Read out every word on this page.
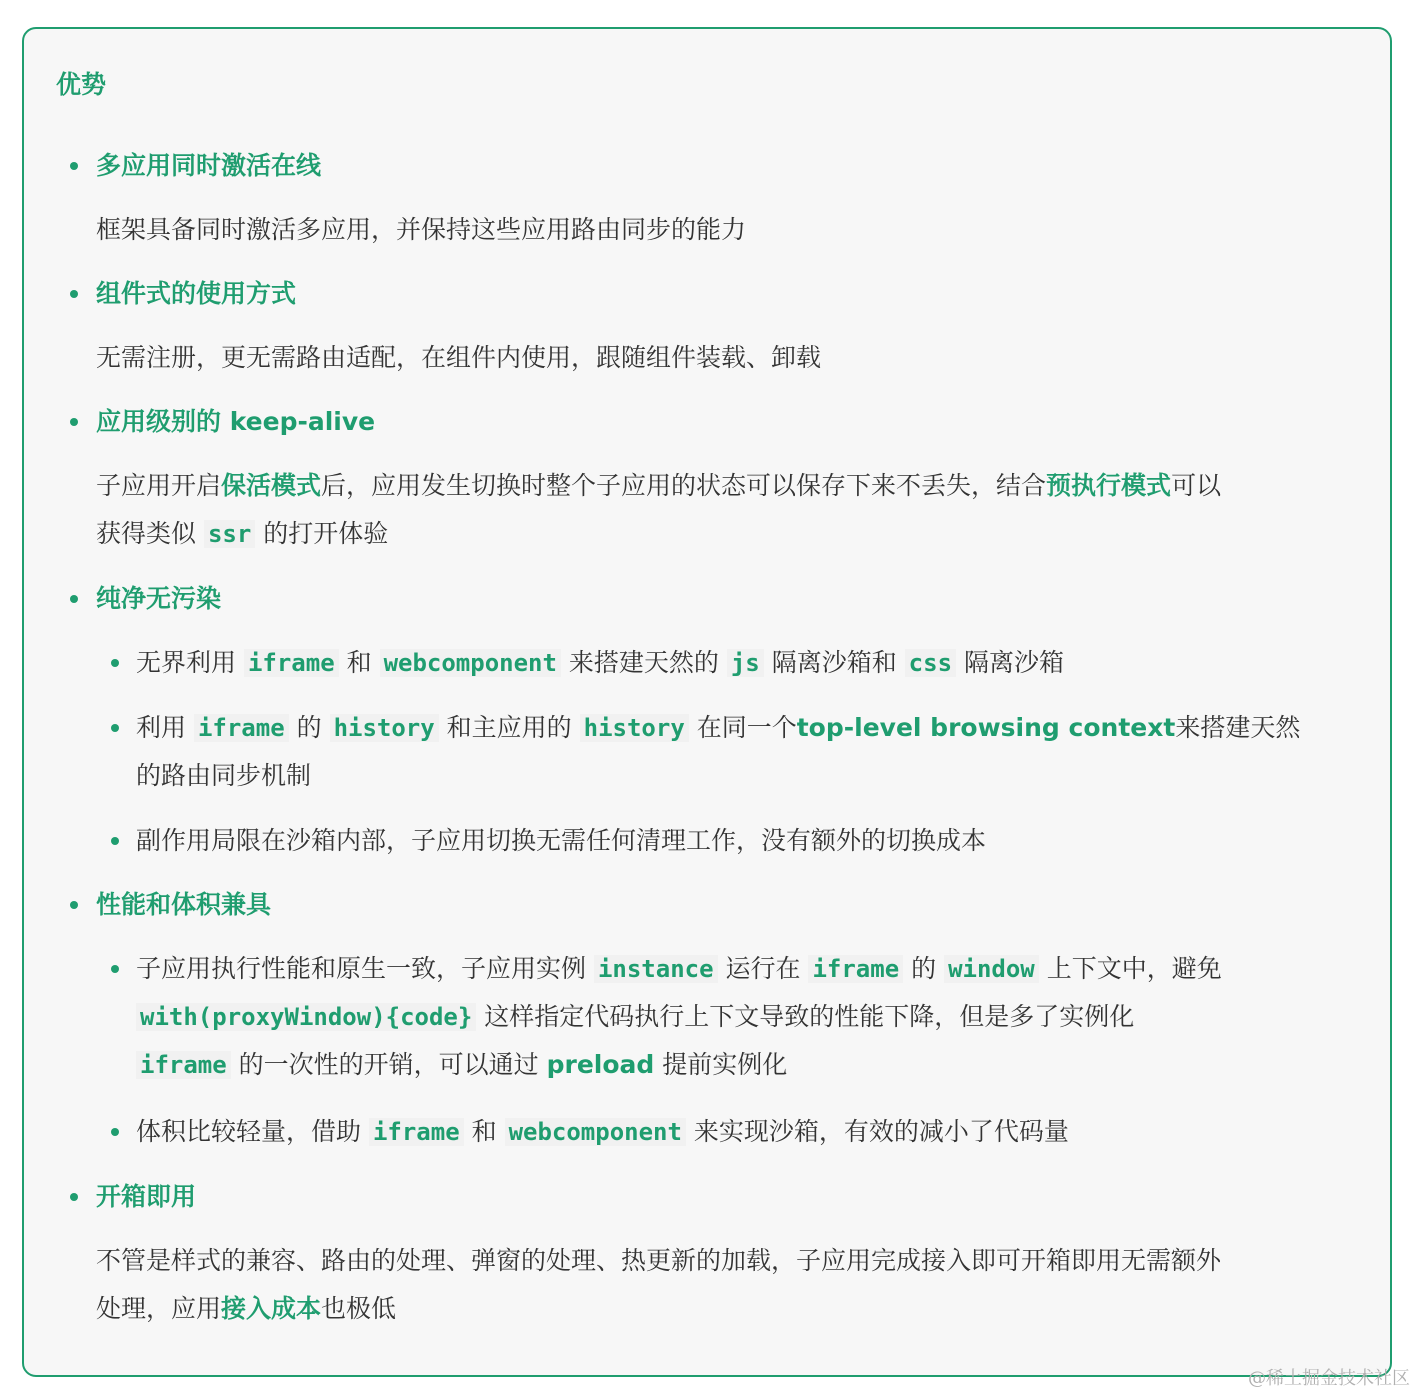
优势
多应用同时激活在线
框架具备同时激活多应用，并保持这些应用路由同步的能力
组件式的使用方式
无需注册，更无需路由适配，在组件内使用，跟随组件装载、卸载
应用级别的 keep-alive
子应用开启保活模式后，应用发生切换时整个子应用的状态可以保存下来不丢失，结合预执行模式可以
获得类似 ssr 的打开体验
纯净无污染
无界利用 iframe 和 webcomponent 来搭建天然的 js 隔离沙箱和 css 隔离沙箱
利用 iframe 的 history 和主应用的 history 在同一个top-level browsing context来搭建天然
的路由同步机制
副作用局限在沙箱内部，子应用切换无需任何清理工作，没有额外的切换成本
性能和体积兼具
子应用执行性能和原生一致，子应用实例 instance 运行在 iframe 的 window 上下文中，避免
with(proxyWindow){code} 这样指定代码执行上下文导致的性能下降，但是多了实例化
iframe 的一次性的开销，可以通过 preload 提前实例化
体积比较轻量，借助 iframe 和 webcomponent 来实现沙箱，有效的减小了代码量
开箱即用
不管是样式的兼容、路由的处理、弹窗的处理、热更新的加载，子应用完成接入即可开箱即用无需额外
处理，应用接入成本也极低
@稀土掘金技术社区
